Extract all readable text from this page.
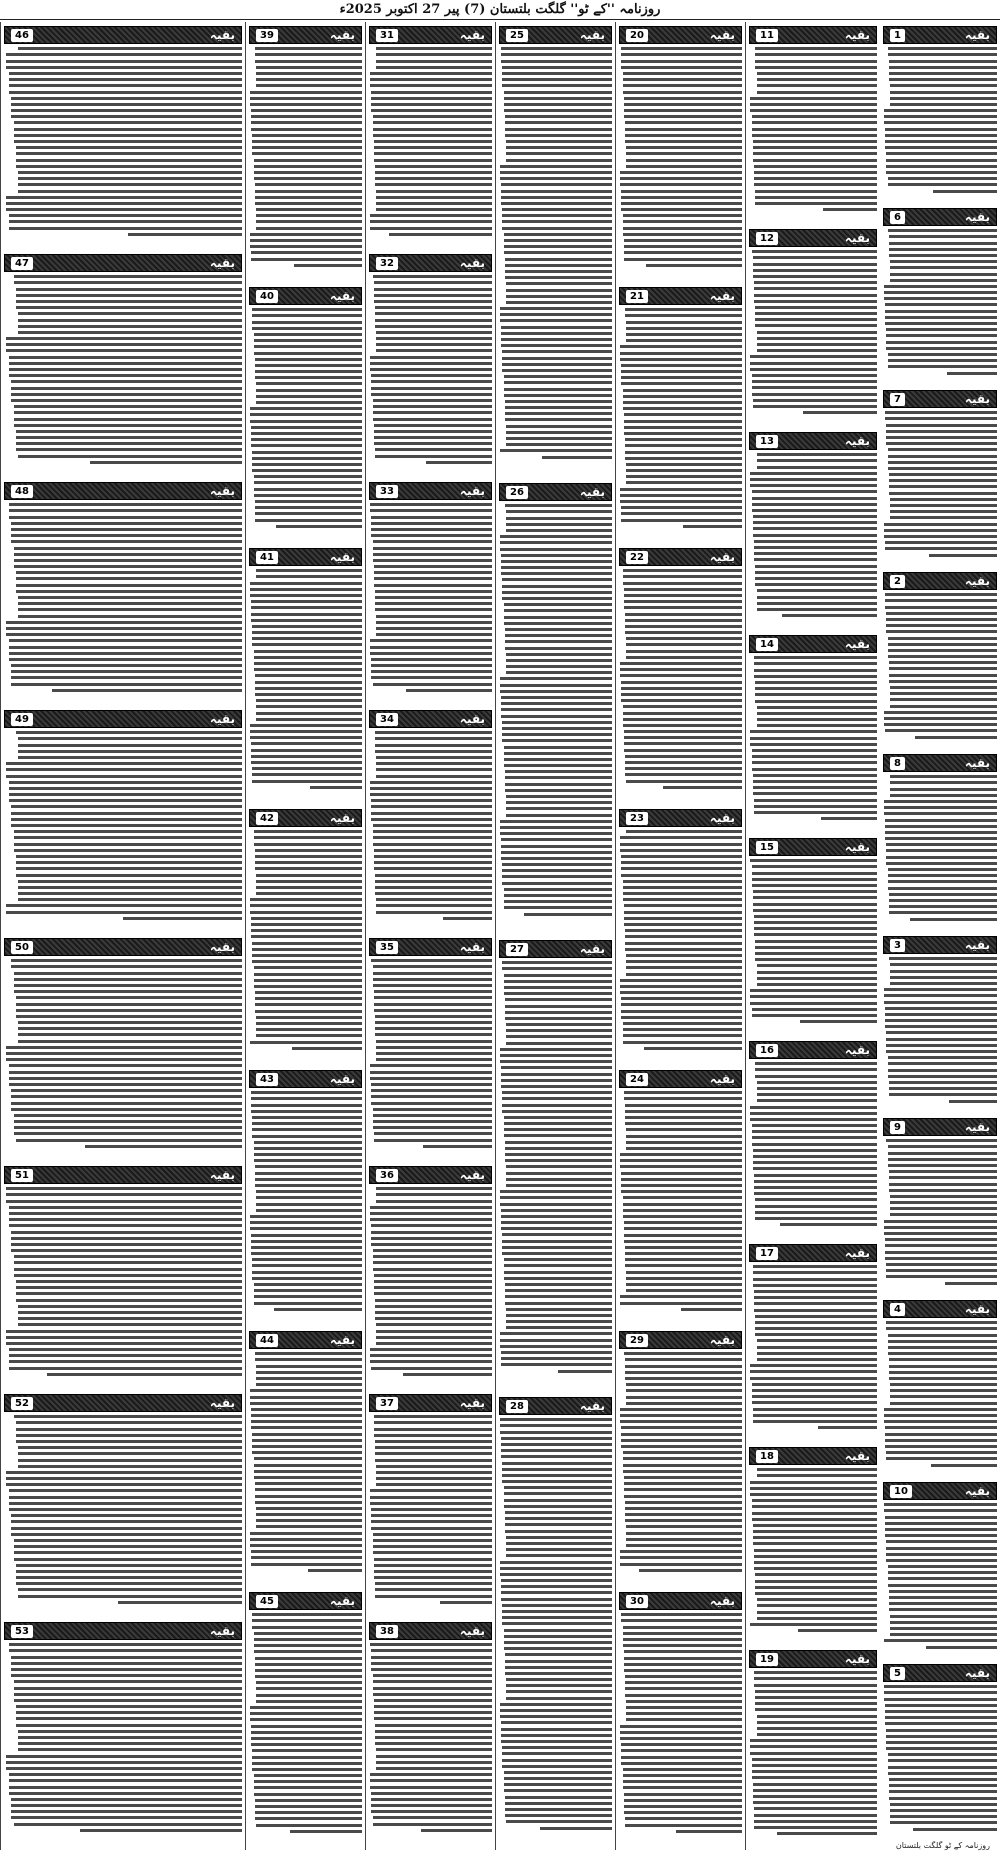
روزنامہ ''کے ٹو'' گلگت بلتستان (7) پیر 27 اکتوبر 2025ء
1	بقیہ
6	بقیہ
7	بقیہ
2	بقیہ
8	بقیہ
3	بقیہ
9	بقیہ
4	بقیہ
10	بقیہ
5	بقیہ
11	بقیہ
12	بقیہ
13	بقیہ
14	بقیہ
15	بقیہ
16	بقیہ
17	بقیہ
18	بقیہ
19	بقیہ
20	بقیہ
21	بقیہ
22	بقیہ
23	بقیہ
24	بقیہ
29	بقیہ
30	بقیہ
25	بقیہ
26	بقیہ
27	بقیہ
28	بقیہ
31	بقیہ
32	بقیہ
33	بقیہ
34	بقیہ
35	بقیہ
36	بقیہ
37	بقیہ
38	بقیہ
39	بقیہ
40	بقیہ
41	بقیہ
42	بقیہ
43	بقیہ
44	بقیہ
45	بقیہ
46	بقیہ
47	بقیہ
48	بقیہ
49	بقیہ
50	بقیہ
51	بقیہ
52	بقیہ
53	بقیہ
روزنامہ کے ٹو گلگت بلتستان
